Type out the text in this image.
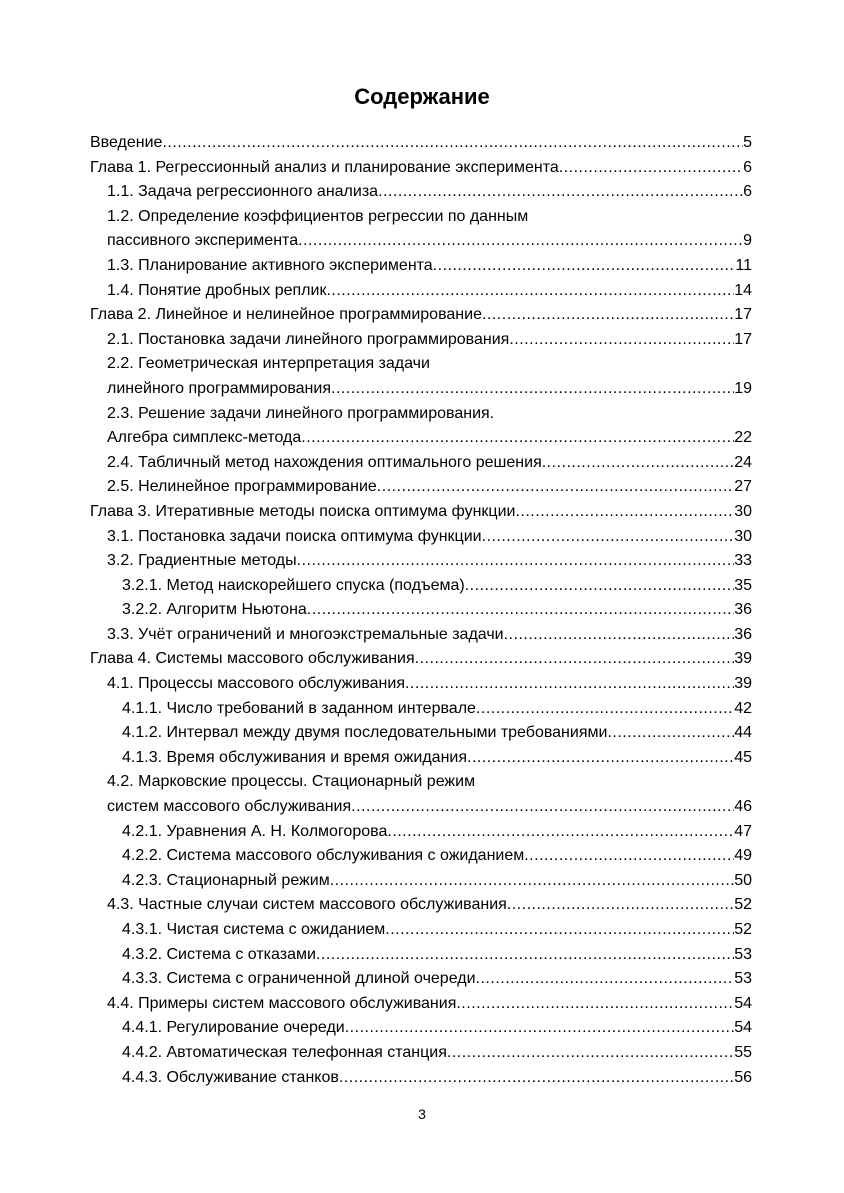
Содержание
Введение .....	5
Глава 1. Регрессионный анализ и планирование эксперимента .....	6
1.1. Задача регрессионного анализа .....	6
1.2. Определение коэффициентов регрессии по данным
пассивного эксперимента .....	9
1.3. Планирование активного эксперимента .....	11
1.4. Понятие дробных реплик .....	14
Глава 2. Линейное и нелинейное программирование .....	17
2.1. Постановка задачи линейного программирования .....	17
2.2. Геометрическая интерпретация задачи
линейного программирования .....	19
2.3. Решение задачи линейного программирования.
Алгебра симплекс-метода .....	22
2.4. Табличный метод нахождения оптимального решения .....	24
2.5. Нелинейное программирование .....	27
Глава 3. Итеративные методы поиска оптимума функции .....	30
3.1. Постановка задачи поиска оптимума функции .....	30
3.2. Градиентные методы .....	33
3.2.1. Метод наискорейшего спуска (подъема) .....	35
3.2.2. Алгоритм Ньютона .....	36
3.3. Учёт ограничений и многоэкстремальные задачи .....	36
Глава 4. Системы массового обслуживания .....	39
4.1. Процессы массового обслуживания .....	39
4.1.1. Число требований в заданном интервале .....	42
4.1.2. Интервал между двумя последовательными требованиями .....	44
4.1.3. Время обслуживания и время ожидания .....	45
4.2. Марковские процессы. Стационарный режим
систем массового обслуживания .....	46
4.2.1. Уравнения А. Н. Колмогорова .....	47
4.2.2. Система массового обслуживания с ожиданием .....	49
4.2.3. Стационарный режим .....	50
4.3. Частные случаи систем массового обслуживания .....	52
4.3.1. Чистая система с ожиданием .....	52
4.3.2. Система с отказами .....	53
4.3.3. Система с ограниченной длиной очереди .....	53
4.4. Примеры систем массового обслуживания .....	54
4.4.1. Регулирование очереди .....	54
4.4.2. Автоматическая телефонная станция .....	55
4.4.3. Обслуживание станков .....	56
3
